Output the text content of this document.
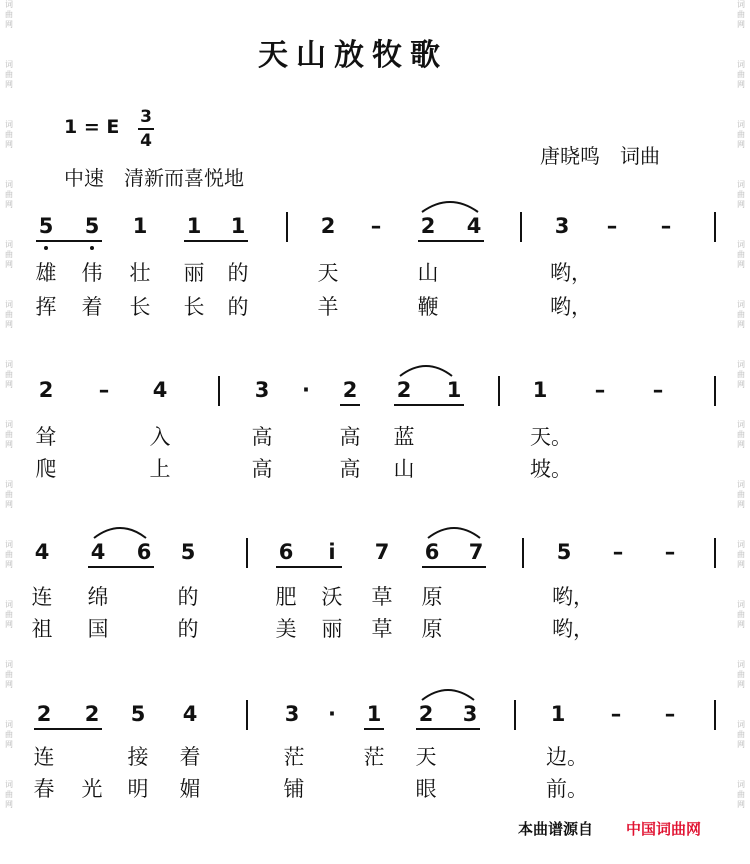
词曲网
词曲网
词曲网
词曲网
词曲网
词曲网
词曲网
词曲网
词曲网
词曲网
词曲网
词曲网
词曲网
词曲网
词曲网
词曲网
词曲网
词曲网
词曲网
词曲网
词曲网
词曲网
词曲网
词曲网
词曲网
词曲网
词曲网
词曲网
天山放牧歌
1 = E 3
4
中速　清新而喜悦地
唐晓鸣　词曲
5 5 1 1 1	2 – 2 4	3 – –
雄 伟 壮 丽 的	天	山	哟，
挥 着 长 长 的	羊	鞭	哟，
2 – 4	3 · 2 2 1	1 – –
耸	入	高	高 蓝	天。
爬	上	高	高 山	坡。
4 4 6 5	6	i	7 6 7	5 – –
连 绵	的	肥 沃 草 原	哟，
祖 国	的	美 丽 草 原	哟，
2 2 5 4	3 · 1 2 3	1 – –
连	接 着	茫	茫 天	边。
春 光 明 媚	铺	眼	前。
本曲谱源自 中国词曲网
